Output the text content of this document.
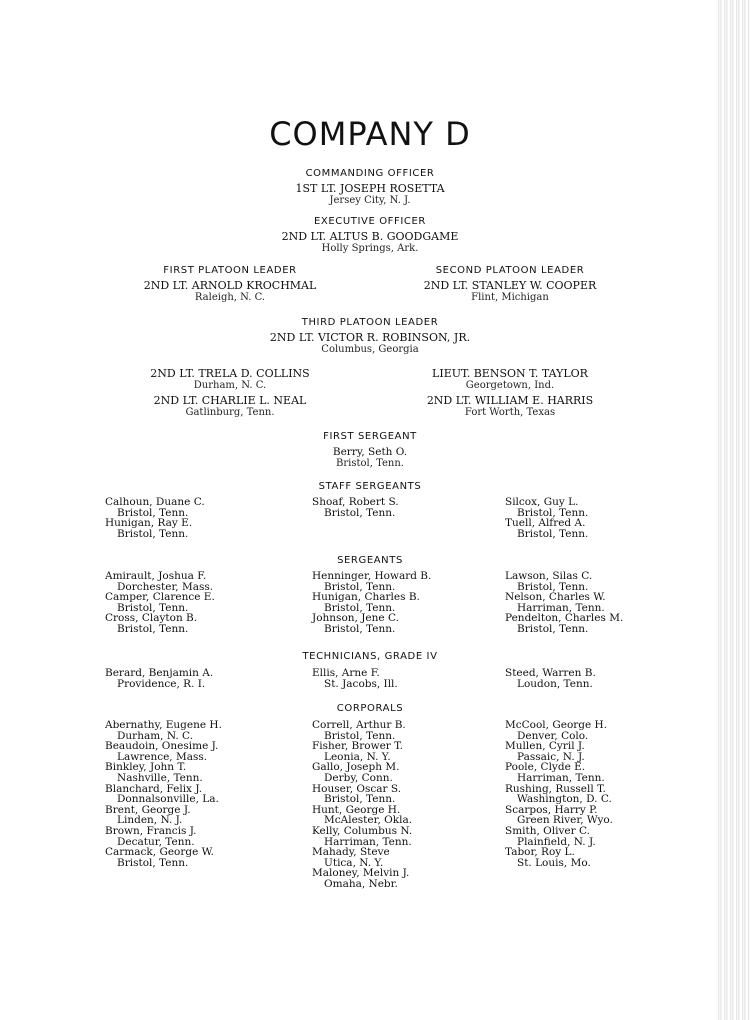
COMPANY D
COMMANDING OFFICER
1ST LT. JOSEPH ROSETTA
Jersey City, N. J.
EXECUTIVE OFFICER
2ND LT. ALTUS B. GOODGAME
Holly Springs, Ark.
FIRST PLATOON LEADER
2ND LT. ARNOLD KROCHMAL
Raleigh, N. C.
SECOND PLATOON LEADER
2ND LT. STANLEY W. COOPER
Flint, Michigan
THIRD PLATOON LEADER
2ND LT. VICTOR R. ROBINSON, JR.
Columbus, Georgia
2ND LT. TRELA D. COLLINS
Durham, N. C.
LIEUT. BENSON T. TAYLOR
Georgetown, Ind.
2ND LT. CHARLIE L. NEAL
Gatlinburg, Tenn.
2ND LT. WILLIAM E. HARRIS
Fort Worth, Texas
FIRST SERGEANT
Berry, Seth O.
Bristol, Tenn.
STAFF SERGEANTS
Calhoun, Duane C.
Bristol, Tenn.
Hunigan, Ray E.
Bristol, Tenn.
Shoaf, Robert S.
Bristol, Tenn.
Silcox, Guy L.
Bristol, Tenn.
Tuell, Alfred A.
Bristol, Tenn.
SERGEANTS
Amirault, Joshua F.
Dorchester, Mass.
Camper, Clarence E.
Bristol, Tenn.
Cross, Clayton B.
Bristol, Tenn.
Henninger, Howard B.
Bristol, Tenn.
Hunigan, Charles B.
Bristol, Tenn.
Johnson, Jene C.
Bristol, Tenn.
Lawson, Silas C.
Bristol, Tenn.
Nelson, Charles W.
Harriman, Tenn.
Pendelton, Charles M.
Bristol, Tenn.
TECHNICIANS, GRADE IV
Berard, Benjamin A.
Providence, R. I.
Ellis, Arne F.
St. Jacobs, Ill.
Steed, Warren B.
Loudon, Tenn.
CORPORALS
Abernathy, Eugene H.
Durham, N. C.
Beaudoin, Onesime J.
Lawrence, Mass.
Binkley, John T.
Nashville, Tenn.
Blanchard, Felix J.
Donnalsonville, La.
Brent, George J.
Linden, N. J.
Brown, Francis J.
Decatur, Tenn.
Carmack, George W.
Bristol, Tenn.
Correll, Arthur B.
Bristol, Tenn.
Fisher, Brower T.
Leonia, N. Y.
Gallo, Joseph M.
Derby, Conn.
Houser, Oscar S.
Bristol, Tenn.
Hunt, George H.
McAlester, Okla.
Kelly, Columbus N.
Harriman, Tenn.
Mahady, Steve
Utica, N. Y.
Maloney, Melvin J.
Omaha, Nebr.
McCool, George H.
Denver, Colo.
Mullen, Cyril J.
Passaic, N. J.
Poole, Clyde E.
Harriman, Tenn.
Rushing, Russell T.
Washington, D. C.
Scarpos, Harry P.
Green River, Wyo.
Smith, Oliver C.
Plainfield, N. J.
Tabor, Roy L.
St. Louis, Mo.
